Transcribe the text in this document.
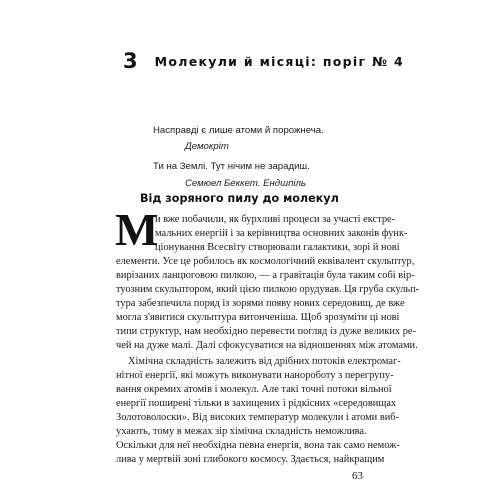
3 Молекули й місяці: поріг № 4
Насправді є лише атоми й порожнеча.
Демокріт
Ти на Землі. Тут нічим не зарадиш.
Семюел Беккет. Ендшпіль
Від зоряного пилу до молекул
М
и вже побачили, як бурхливі процеси за участі екстре-
мальних енергій і за керівництва основних законів функ-
ціонування Всесвіту створювали галактики, зорі й нові
елементи. Усе це робилось як космологічний еквівалент скульптур,
вирізаних ланцюговою пилкою, — а гравітація була таким собі вір-
туозним скульптором, який цією пилкою орудував. Ця груба скульп-
тура забезпечила поряд із зорями появу нових середовищ, де вже
могла з'явитися скульптура витонченіша. Щоб зрозуміти ці нові
типи структур, нам необхідно перевести погляд із дуже великих ре-
чей на дуже малі. Далі сфокусуватися на відношеннях між атомами.
Хімічна складність залежить від дрібних потоків електромаг-
нітної енергії, які можуть виконувати нанороботу з перегрупу-
вання окремих атомів і молекул. Але такі точні потоки вільної
енергії поширені тільки в захищених і рідкісних «середовищах
Золотоволоски». Від високих температур молекули і атоми виб-
ухають, тому в межах зір хімічна складність неможлива.
Оскільки для неї необхідна певна енергія, вона так само немож-
лива у мертвій зоні глибокого космосу. Здається, найкращим
63
